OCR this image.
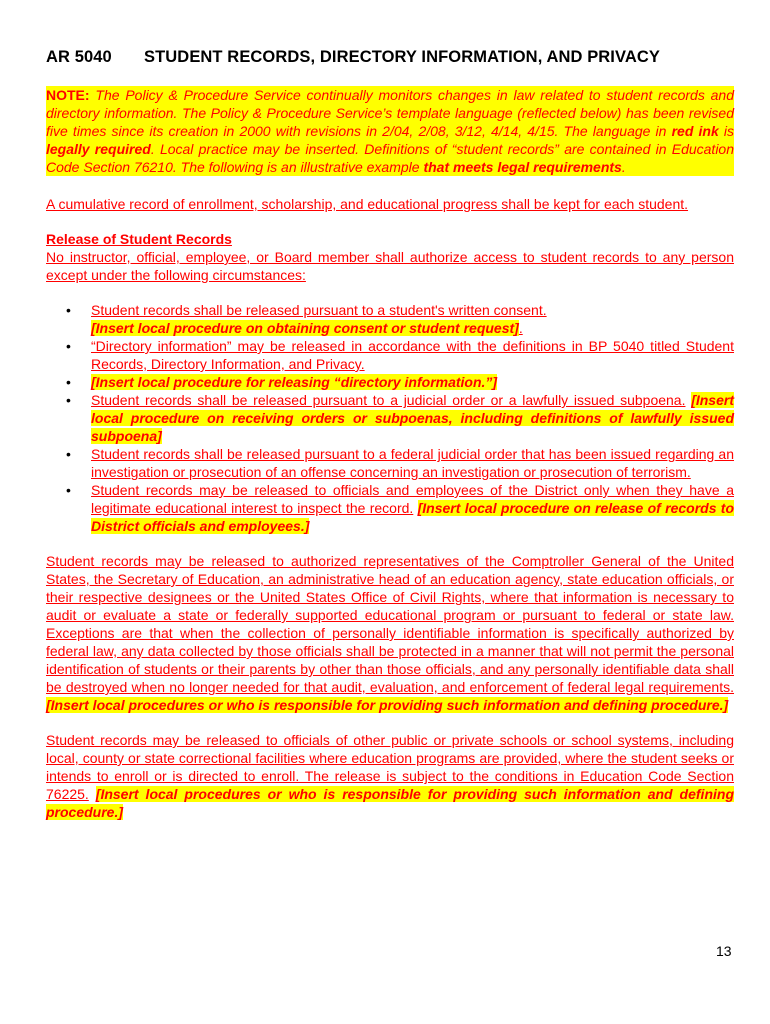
AR 5040 STUDENT RECORDS, DIRECTORY INFORMATION, AND PRIVACY

NOTE: The Policy & Procedure Service continually monitors changes in law related to student records and directory information. The Policy & Procedure Service’s template language (reflected below) has been revised five times since its creation in 2000 with revisions in 2/04, 2/08, 3/12, 4/14, 4/15. The language in red ink is legally required. Local practice may be inserted. Definitions of “student records” are contained in Education Code Section 76210. The following is an illustrative example that meets legal requirements.

A cumulative record of enrollment, scholarship, and educational progress shall be kept for each student.

Release of Student Records
No instructor, official, employee, or Board member shall authorize access to student records to any person except under the following circumstances:

• Student records shall be released pursuant to a student's written consent.
[Insert local procedure on obtaining consent or student request].
• “Directory information” may be released in accordance with the definitions in BP 5040 titled Student Records, Directory Information, and Privacy.
• [Insert local procedure for releasing “directory information.”]
• Student records shall be released pursuant to a judicial order or a lawfully issued subpoena. [Insert local procedure on receiving orders or subpoenas, including definitions of lawfully issued subpoena]
• Student records shall be released pursuant to a federal judicial order that has been issued regarding an investigation or prosecution of an offense concerning an investigation or prosecution of terrorism.
• Student records may be released to officials and employees of the District only when they have a legitimate educational interest to inspect the record. [Insert local procedure on release of records to District officials and employees.]

Student records may be released to authorized representatives of the Comptroller General of the United States, the Secretary of Education, an administrative head of an education agency, state education officials, or their respective designees or the United States Office of Civil Rights, where that information is necessary to audit or evaluate a state or federally supported educational program or pursuant to federal or state law. Exceptions are that when the collection of personally identifiable information is specifically authorized by federal law, any data collected by those officials shall be protected in a manner that will not permit the personal identification of students or their parents by other than those officials, and any personally identifiable data shall be destroyed when no longer needed for that audit, evaluation, and enforcement of federal legal requirements. [Insert local procedures or who is responsible for providing such information and defining procedure.]

Student records may be released to officials of other public or private schools or school systems, including local, county or state correctional facilities where education programs are provided, where the student seeks or intends to enroll or is directed to enroll. The release is subject to the conditions in Education Code Section 76225. [Insert local procedures or who is responsible for providing such information and defining procedure.]

13
